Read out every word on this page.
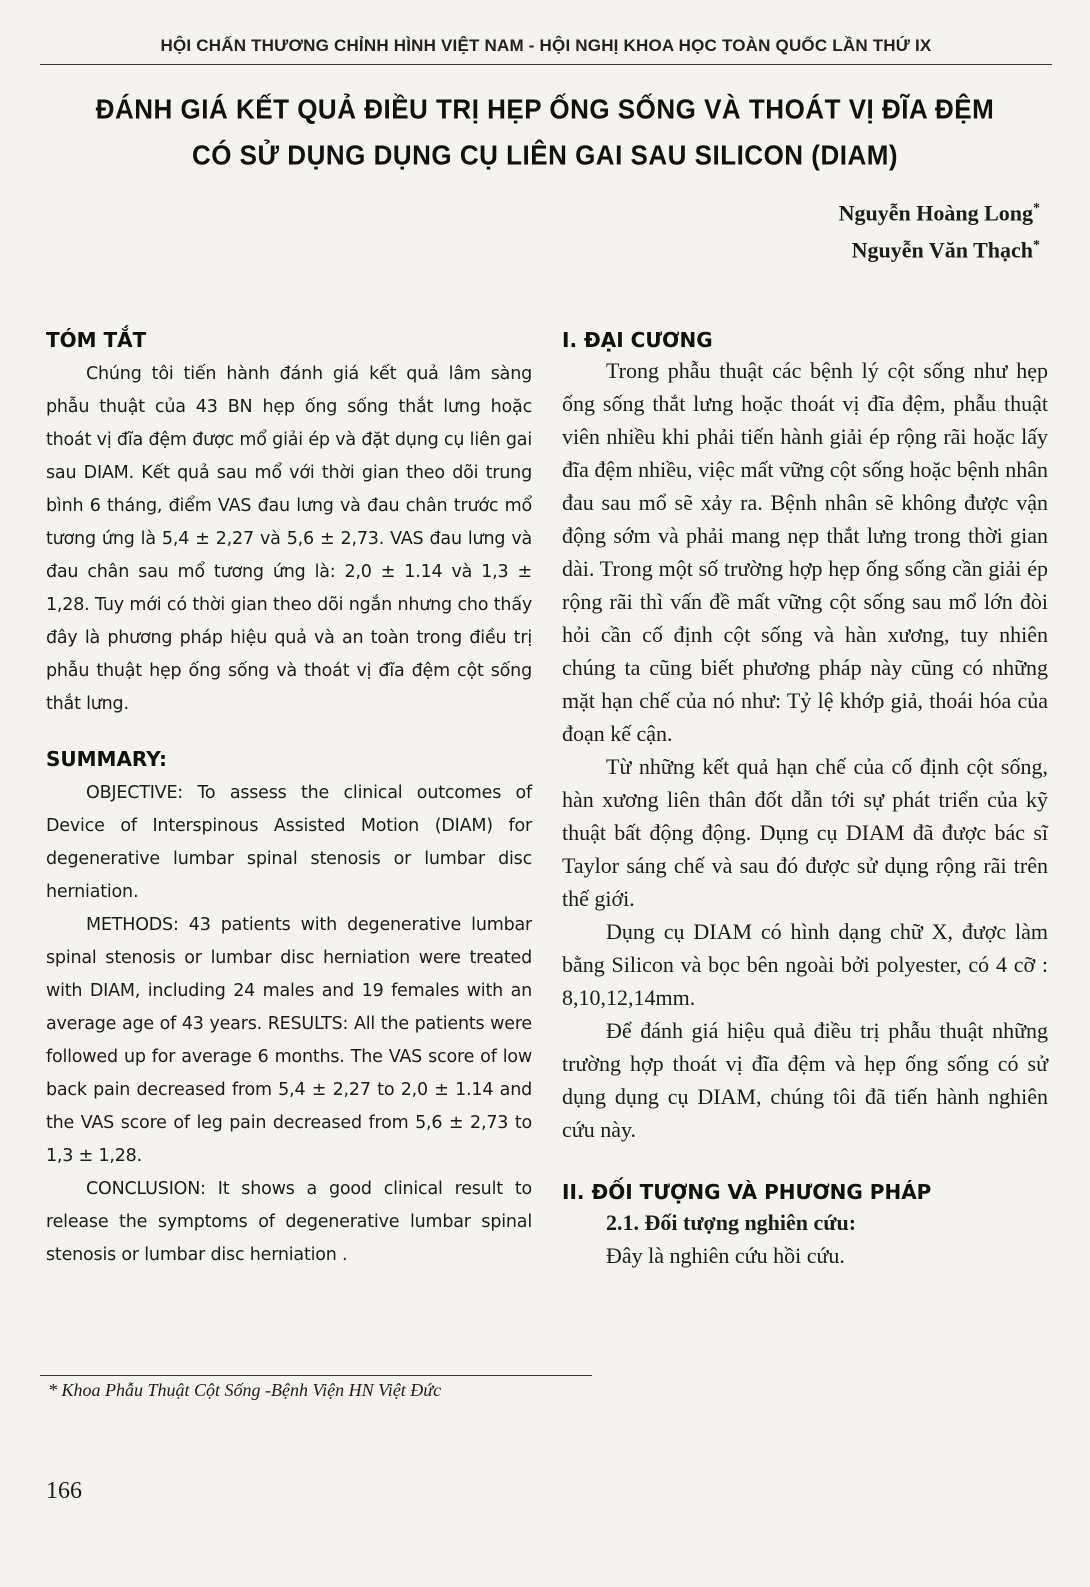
HỘI CHẤN THƯƠNG CHỈNH HÌNH VIỆT NAM - HỘI NGHỊ KHOA HỌC TOÀN QUỐC LẦN THỨ IX
ĐÁNH GIÁ KẾT QUẢ ĐIỀU TRỊ HẸP ỐNG SỐNG VÀ THOÁT VỊ ĐĨA ĐỆM
CÓ SỬ DỤNG DỤNG CỤ LIÊN GAI SAU SILICON (DIAM)
Nguyễn Hoàng Long*
Nguyễn Văn Thạch*
TÓM TẮT

Chúng tôi tiến hành đánh giá kết quả lâm sàng phẫu thuật của 43 BN hẹp ống sống thắt lưng hoặc thoát vị đĩa đệm được mổ giải ép và đặt dụng cụ liên gai sau DIAM. Kết quả sau mổ với thời gian theo dõi trung bình 6 tháng, điểm VAS đau lưng và đau chân trước mổ tương ứng là 5,4 ± 2,27 và 5,6 ± 2,73. VAS đau lưng và đau chân sau mổ tương ứng là: 2,0 ± 1.14 và 1,3 ± 1,28. Tuy mới có thời gian theo dõi ngắn nhưng cho thấy đây là phương pháp hiệu quả và an toàn trong điều trị phẫu thuật hẹp ống sống và thoát vị đĩa đệm cột sống thắt lưng.

SUMMARY:

OBJECTIVE: To assess the clinical outcomes of Device of Interspinous Assisted Motion (DIAM) for degenerative lumbar spinal stenosis or lumbar disc herniation.

METHODS: 43 patients with degenerative lumbar spinal stenosis or lumbar disc herniation were treated with DIAM, including 24 males and 19 females with an average age of 43 years. RESULTS: All the patients were followed up for average 6 months. The VAS score of low back pain decreased from 5,4 ± 2,27 to 2,0 ± 1.14 and the VAS score of leg pain decreased from 5,6 ± 2,73 to 1,3 ± 1,28.

CONCLUSION: It shows a good clinical result to release the symptoms of degenerative lumbar spinal stenosis or lumbar disc herniation .

I. ĐẠI CƯƠNG

Trong phẫu thuật các bệnh lý cột sống như hẹp ống sống thắt lưng hoặc thoát vị đĩa đệm, phẫu thuật viên nhiều khi phải tiến hành giải ép rộng rãi hoặc lấy đĩa đệm nhiều, việc mất vững cột sống hoặc bệnh nhân đau sau mổ sẽ xảy ra. Bệnh nhân sẽ không được vận động sớm và phải mang nẹp thắt lưng trong thời gian dài. Trong một số trường hợp hẹp ống sống cần giải ép rộng rãi thì vấn đề mất vững cột sống sau mổ lớn đòi hỏi cần cố định cột sống và hàn xương, tuy nhiên chúng ta cũng biết phương pháp này cũng có những mặt hạn chế của nó như: Tỷ lệ khớp giả, thoái hóa của đoạn kế cận.

Từ những kết quả hạn chế của cố định cột sống, hàn xương liên thân đốt dẫn tới sự phát triển của kỹ thuật bất động động. Dụng cụ DIAM đã được bác sĩ Taylor sáng chế và sau đó được sử dụng rộng rãi trên thế giới.

Dụng cụ DIAM có hình dạng chữ X, được làm bằng Silicon và bọc bên ngoài bởi polyester, có 4 cỡ : 8,10,12,14mm.

Để đánh giá hiệu quả điều trị phẫu thuật những trường hợp thoát vị đĩa đệm và hẹp ống sống có sử dụng dụng cụ DIAM, chúng tôi đã tiến hành nghiên cứu này.

II. ĐỐI TƯỢNG VÀ PHƯƠNG PHÁP

2.1. Đối tượng nghiên cứu:

Đây là nghiên cứu hồi cứu.

* Khoa Phẫu Thuật Cột Sống -Bệnh Viện HN Việt Đức
166
